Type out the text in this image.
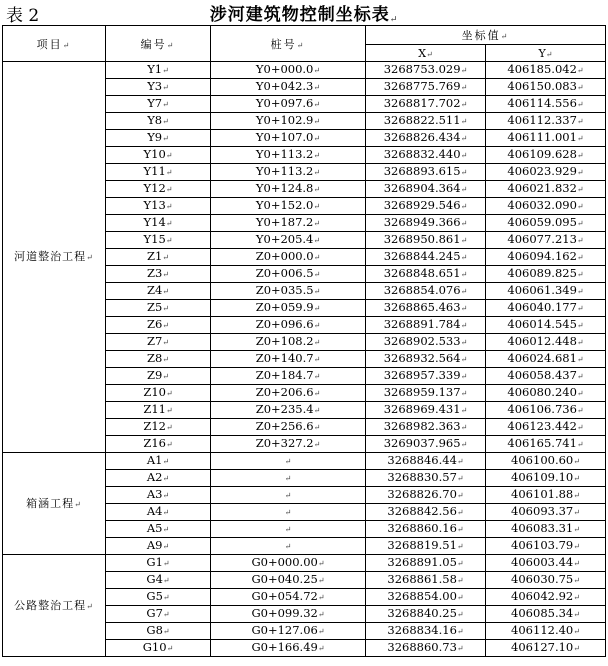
表 2	涉河建筑物控制坐标表↵
项目↵	编号↵	桩号↵	坐标值↵	
			X↵	Y↵
河道整治工程↵	Y1↵	Y0+000.0↵	3268753.029↵	406185.042↵
	Y3↵	Y0+042.3↵	3268775.769↵	406150.083↵
	Y7↵	Y0+097.6↵	3268817.702↵	406114.556↵
	Y8↵	Y0+102.9↵	3268822.511↵	406112.337↵
	Y9↵	Y0+107.0↵	3268826.434↵	406111.001↵
	Y10↵	Y0+113.2↵	3268832.440↵	406109.628↵
	Y11↵	Y0+113.2↵	3268893.615↵	406023.929↵
	Y12↵	Y0+124.8↵	3268904.364↵	406021.832↵
	Y13↵	Y0+152.0↵	3268929.546↵	406032.090↵
	Y14↵	Y0+187.2↵	3268949.366↵	406059.095↵
	Y15↵	Y0+205.4↵	3268950.861↵	406077.213↵
	Z1↵	Z0+000.0↵	3268844.245↵	406094.162↵
	Z3↵	Z0+006.5↵	3268848.651↵	406089.825↵
	Z4↵	Z0+035.5↵	3268854.076↵	406061.349↵
	Z5↵	Z0+059.9↵	3268865.463↵	406040.177↵
	Z6↵	Z0+096.6↵	3268891.784↵	406014.545↵
	Z7↵	Z0+108.2↵	3268902.533↵	406012.448↵
	Z8↵	Z0+140.7↵	3268932.564↵	406024.681↵
	Z9↵	Z0+184.7↵	3268957.339↵	406058.437↵
	Z10↵	Z0+206.6↵	3268959.137↵	406080.240↵
	Z11↵	Z0+235.4↵	3268969.431↵	406106.736↵
	Z12↵	Z0+256.6↵	3268982.363↵	406123.442↵
	Z16↵	Z0+327.2↵	3269037.965↵	406165.741↵
箱涵工程↵	A1↵	↵	3268846.44↵	406100.60↵
	A2↵	↵	3268830.57↵	406109.10↵
	A3↵	↵	3268826.70↵	406101.88↵
	A4↵	↵	3268842.56↵	406093.37↵
	A5↵	↵	3268860.16↵	406083.31↵
	A9↵	↵	3268819.51↵	406103.79↵
公路整治工程↵	G1↵	G0+000.00↵	3268891.05↵	406003.44↵
	G4↵	G0+040.25↵	3268861.58↵	406030.75↵
	G5↵	G0+054.72↵	3268854.00↵	406042.92↵
	G7↵	G0+099.32↵	3268840.25↵	406085.34↵
	G8↵	G0+127.06↵	3268834.16↵	406112.40↵
	G10↵	G0+166.49↵	3268860.73↵	406127.10↵
